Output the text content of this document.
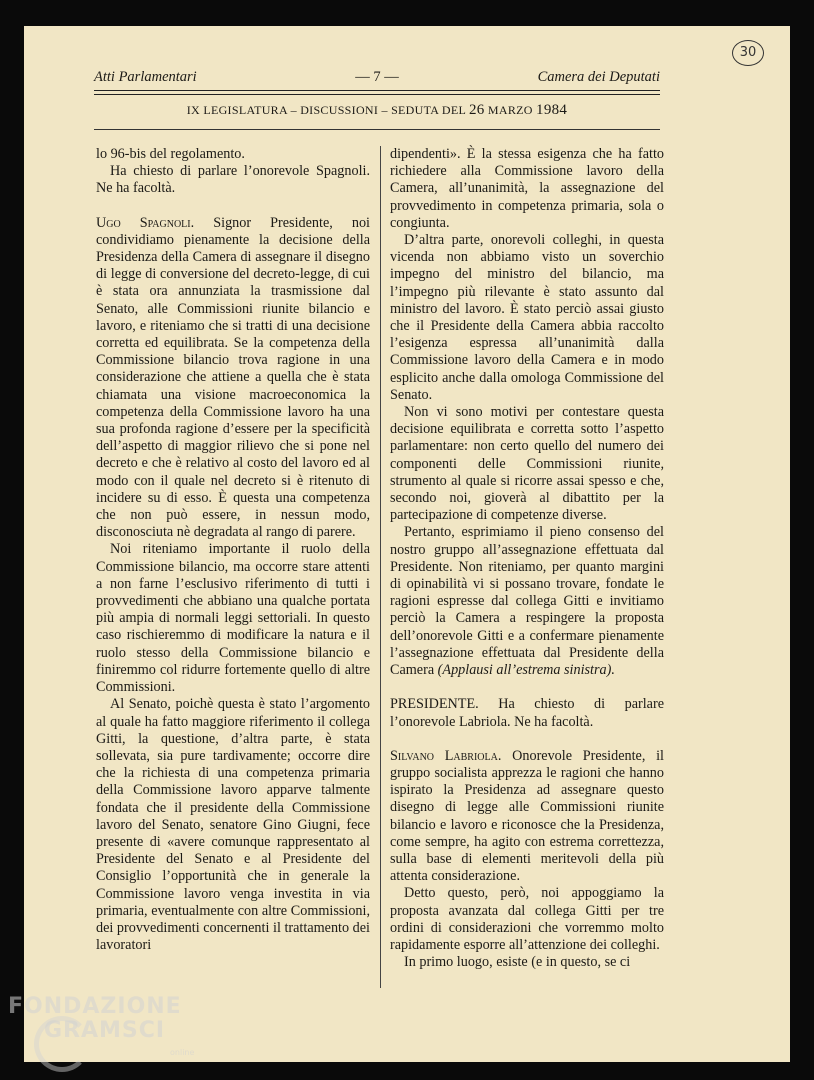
30
Atti Parlamentari	— 7 —	Camera dei Deputati
IX LEGISLATURA – DISCUSSIONI – SEDUTA DEL 26 MARZO 1984

lo 96-bis del regolamento.

Ha chiesto di parlare l’onorevole Spagnoli. Ne ha facoltà.

Ugo Spagnoli. Signor Presidente, noi condividiamo pienamente la decisione della Presidenza della Camera di assegnare il disegno di legge di conversione del decreto-legge, di cui è stata ora annunziata la trasmissione dal Senato, alle Commissioni riunite bilancio e lavoro, e riteniamo che si tratti di una decisione corretta ed equilibrata. Se la competenza della Commissione bilancio trova ragione in una considerazione che attiene a quella che è stata chiamata una visione macroeconomica la competenza della Commissione lavoro ha una sua profonda ragione d’essere per la specificità dell’aspetto di maggior rilievo che si pone nel decreto e che è relativo al costo del lavoro ed al modo con il quale nel decreto si è ritenuto di incidere su di esso. È questa una competenza che non può essere, in nessun modo, disconosciuta nè degradata al rango di parere.

Noi riteniamo importante il ruolo della Commissione bilancio, ma occorre stare attenti a non farne l’esclusivo riferimento di tutti i provvedimenti che abbiano una qualche portata più ampia di normali leggi settoriali. In questo caso rischieremmo di modificare la natura e il ruolo stesso della Commissione bilancio e finiremmo col ridurre fortemente quello di altre Commissioni.

Al Senato, poichè questa è stato l’argomento al quale ha fatto maggiore riferimento il collega Gitti, la questione, d’altra parte, è stata sollevata, sia pure tardivamente; occorre dire che la richiesta di una competenza primaria della Commissione lavoro apparve talmente fondata che il presidente della Commissione lavoro del Senato, senatore Gino Giugni, fece presente di «avere comunque rappresentato al Presidente del Senato e al Presidente del Consiglio l’opportunità che in generale la Commissione lavoro venga investita in via primaria, eventualmente con altre Commissioni, dei provvedimenti concernenti il trattamento dei lavoratori

dipendenti». È la stessa esigenza che ha fatto richiedere alla Commissione lavoro della Camera, all’unanimità, la assegnazione del provvedimento in competenza primaria, sola o congiunta.

D’altra parte, onorevoli colleghi, in questa vicenda non abbiamo visto un soverchio impegno del ministro del bilancio, ma l’impegno più rilevante è stato assunto dal ministro del lavoro. È stato perciò assai giusto che il Presidente della Camera abbia raccolto l’esigenza espressa all’unanimità dalla Commissione lavoro della Camera e in modo esplicito anche dalla omologa Commissione del Senato.

Non vi sono motivi per contestare questa decisione equilibrata e corretta sotto l’aspetto parlamentare: non certo quello del numero dei componenti delle Commissioni riunite, strumento al quale si ricorre assai spesso e che, secondo noi, gioverà al dibattito per la partecipazione di competenze diverse.

Pertanto, esprimiamo il pieno consenso del nostro gruppo all’assegnazione effettuata dal Presidente. Non riteniamo, per quanto margini di opinabilità vi si possano trovare, fondate le ragioni espresse dal collega Gitti e invitiamo perciò la Camera a respingere la proposta dell’onorevole Gitti e a confermare pienamente l’assegnazione effettuata dal Presidente della Camera (Applausi all’estrema sinistra).

PRESIDENTE. Ha chiesto di parlare l’onorevole Labriola. Ne ha facoltà.

Silvano Labriola. Onorevole Presidente, il gruppo socialista apprezza le ragioni che hanno ispirato la Presidenza ad assegnare questo disegno di legge alle Commissioni riunite bilancio e lavoro e riconosce che la Presidenza, come sempre, ha agito con estrema correttezza, sulla base di elementi meritevoli della più attenta considerazione.

Detto questo, però, noi appoggiamo la proposta avanzata dal collega Gitti per tre ordini di considerazioni che vorremmo molto rapidamente esporre all’attenzione dei colleghi.

In primo luogo, esiste (e in questo, se ci

FONDAZIONE
GRAMSCI
online
